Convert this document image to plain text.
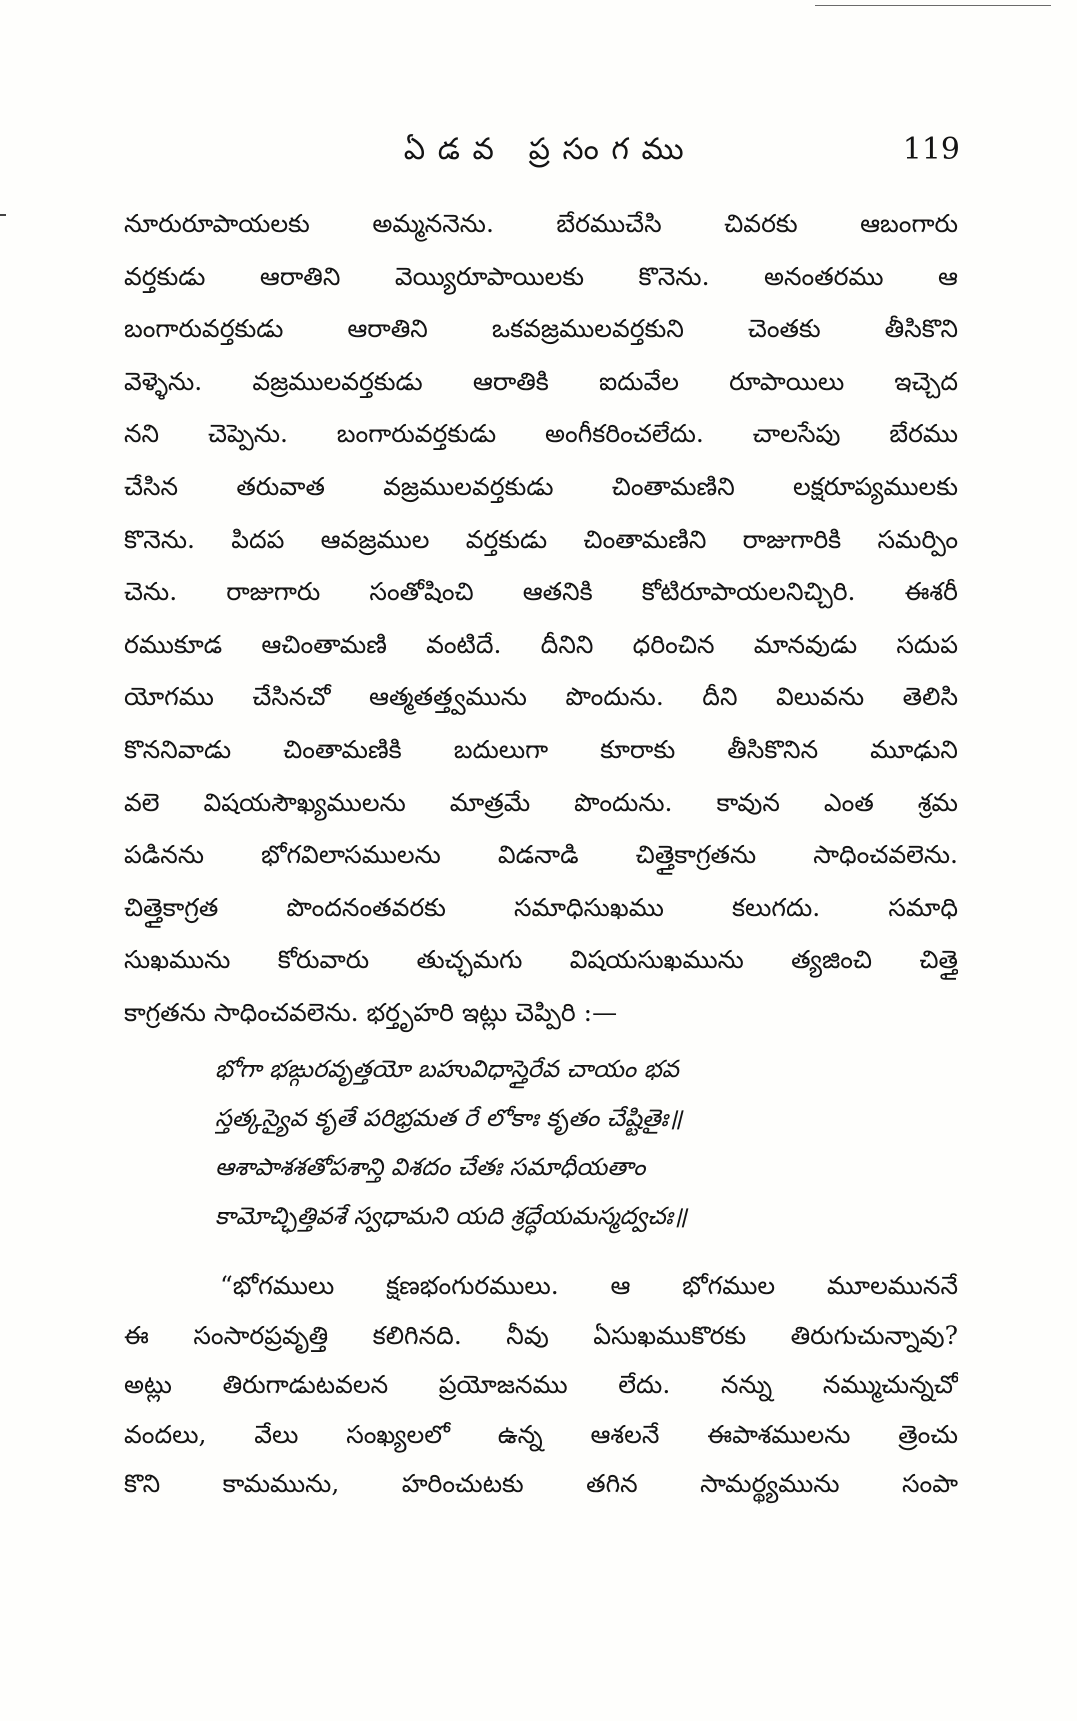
ఏడవ ప్రసంగము	119
నూరురూపాయలకు అమ్మననెను. బేరముచేసి చివరకు ఆబంగారు
వర్తకుడు ఆరాతిని వెయ్యిరూపాయిలకు కొనెను. అనంతరము ఆ
బంగారువర్తకుడు ఆరాతిని ఒకవజ్రములవర్తకుని చెంతకు తీసికొని
వెళ్ళెను. వజ్రములవర్తకుడు ఆరాతికి ఐదువేల రూపాయిలు ఇచ్చెద
నని చెప్పెను. బంగారువర్తకుడు అంగీకరించలేదు. చాలసేపు బేరము
చేసిన తరువాత వజ్రములవర్తకుడు చింతామణిని లక్షరూప్యములకు
కొనెను. పిదప ఆవజ్రముల వర్తకుడు చింతామణిని రాజుగారికి సమర్పిం
చెను. రాజుగారు సంతోషించి ఆతనికి కోటిరూపాయలనిచ్చిరి. ఈశరీ
రముకూడ ఆచింతామణి వంటిదే. దీనిని ధరించిన మానవుడు సదుప
యోగము చేసినచో ఆత్మతత్త్వమును పొందును. దీని విలువను తెలిసి
కొననివాడు చింతామణికి బదులుగా కూరాకు తీసికొనిన మూఢుని
వలె విషయసౌఖ్యములను మాత్రమే పొందును. కావున ఎంత శ్రమ
పడినను భోగవిలాసములను విడనాడి చిత్తైకాగ్రతను సాధించవలెను.
చిత్తైకాగ్రత పొందనంతవరకు సమాధిసుఖము కలుగదు. సమాధి
సుఖమును కోరువారు తుచ్ఛమగు విషయసుఖమును త్యజించి చిత్తై
కాగ్రతను సాధించవలెను. భర్తృహరి ఇట్లు చెప్పిరి :—
భోగా భఙ్గురవృత్తయో బహువిధాస్తైరేవ చాయం భవ
స్తత్కస్యైవ కృతే పరిభ్రమత రే లోకాః కృతం చేష్టితైః॥
ఆశాపాశశతోపశాన్తి విశదం చేతః సమాధీయతాం
కామోచ్ఛిత్తివశే స్వధామని యది శ్రద్ధేయమస్మద్వచః॥
“భోగములు క్షణభంగురములు. ఆ భోగముల మూలముననే
ఈ సంసారప్రవృత్తి కలిగినది. నీవు ఏసుఖముకొరకు తిరుగుచున్నావు?
అట్లు తిరుగాడుటవలన ప్రయోజనము లేదు. నన్ను నమ్ముచున్నచో
వందలు, వేలు సంఖ్యలలో ఉన్న ఆశలనే ఈపాశములను త్రెంచు
కొని కామమును, హరించుటకు తగిన సామర్థ్యమును సంపా
